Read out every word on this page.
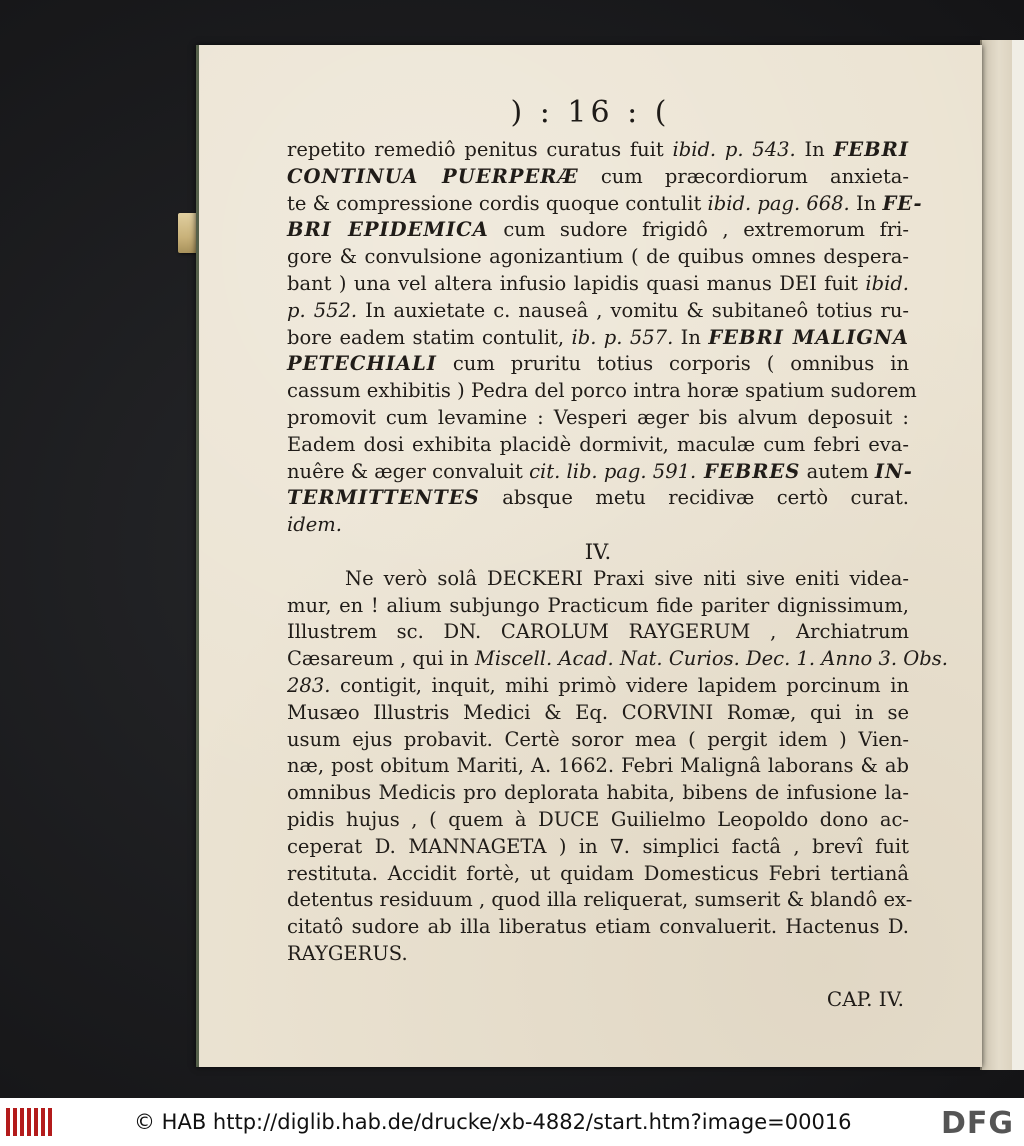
) : 16 : (
repetito remediô penitus curatus fuit ibid. p. 543. In FEBRI
CONTINUA PUERPERÆ cum præcordiorum anxieta-
te & compressione cordis quoque contulit ibid. pag. 668. In FE-
BRI EPIDEMICA cum sudore frigidô , extremorum fri-
gore & convulsione agonizantium ( de quibus omnes despera-
bant ) una vel altera infusio lapidis quasi manus DEI fuit ibid.
p. 552. In auxietate c. nauseâ , vomitu & subitaneô totius ru-
bore eadem statim contulit, ib. p. 557. In FEBRI MALIGNA
PETECHIALI cum pruritu totius corporis ( omnibus in
cassum exhibitis ) Pedra del porco intra horæ spatium sudorem
promovit cum levamine : Vesperi æger bis alvum deposuit :
Eadem dosi exhibita placidè dormivit, maculæ cum febri eva-
nuêre & æger convaluit cit. lib. pag. 591. FEBRES autem IN-
TERMITTENTES absque metu recidivæ certò curat.
idem.
IV.
Ne verò solâ DECKERI Praxi sive niti sive eniti videa-
mur, en ! alium subjungo Practicum fide pariter dignissimum,
Illustrem sc. DN. CAROLUM RAYGERUM , Archiatrum
Cæsareum , qui in Miscell. Acad. Nat. Curios. Dec. 1. Anno 3. Obs.
283. contigit, inquit, mihi primò videre lapidem porcinum in
Musæo Illustris Medici & Eq. CORVINI Romæ, qui in se
usum ejus probavit. Certè soror mea ( pergit idem ) Vien-
næ, post obitum Mariti, A. 1662. Febri Malignâ laborans & ab
omnibus Medicis pro deplorata habita, bibens de infusione la-
pidis hujus , ( quem à DUCE Guilielmo Leopoldo dono ac-
ceperat D. MANNAGETA ) in ∇. simplici factâ , brevî fuit
restituta. Accidit fortè, ut quidam Domesticus Febri tertianâ
detentus residuum , quod illa reliquerat, sumserit & blandô ex-
citatô sudore ab illa liberatus etiam convaluerit. Hactenus D.
RAYGERUS.
CAP. IV.
© HAB http://diglib.hab.de/drucke/xb-4882/start.htm?image=00016	DFG
